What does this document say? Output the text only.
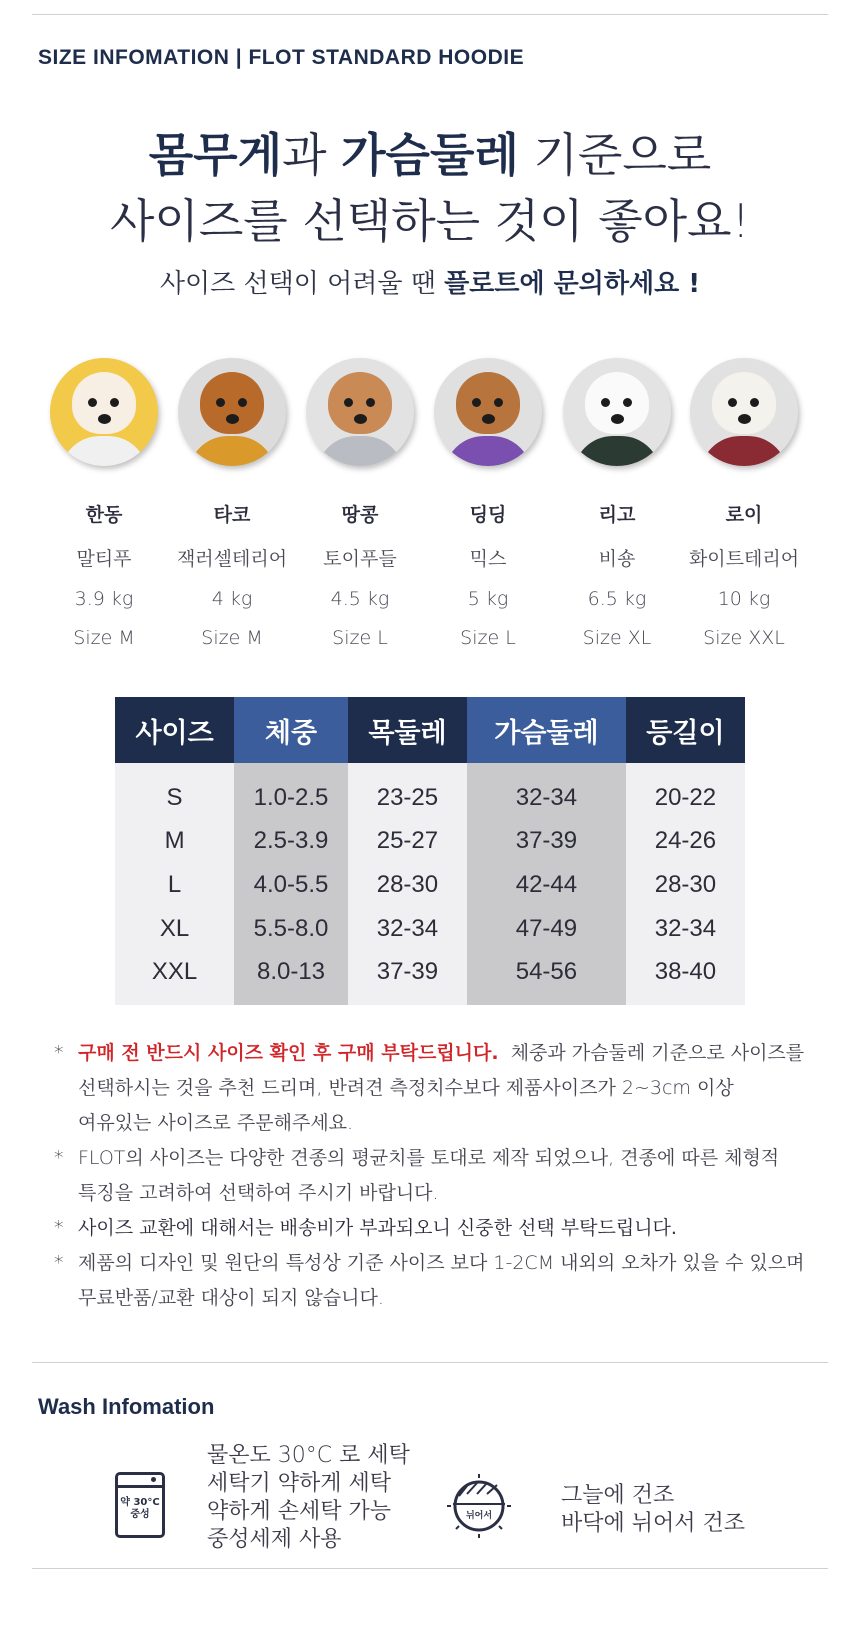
SIZE INFOMATION | FLOT STANDARD HOODIE
몸무게과 가슴둘레 기준으로
사이즈를 선택하는 것이 좋아요!
사이즈 선택이 어려울 땐 플로트에 문의하세요 !
한동
말티푸
3.9 kg
Size M
타코
잭러셀테리어
4 kg
Size M
땅콩
토이푸들
4.5 kg
Size L
딩딩
믹스
5 kg
Size L
리고
비숑
6.5 kg
Size XL
로이
화이트테리어
10 kg
Size XXL
사이즈	체중	목둘레	가슴둘레	등길이
S	1.0-2.5	23-25	32-34	20-22
M	2.5-3.9	25-27	37-39	24-26
L	4.0-5.5	28-30	42-44	28-30
XL	5.5-8.0	32-34	47-49	32-34
XXL	8.0-13	37-39	54-56	38-40
* 구매 전 반드시 사이즈 확인 후 구매 부탁드립니다. 체중과 가슴둘레 기준으로 사이즈를
선택하시는 것을 추천 드리며, 반려견 측정치수보다 제품사이즈가 2~3cm 이상
여유있는 사이즈로 주문해주세요.
* FLOT의 사이즈는 다양한 견종의 평균치를 토대로 제작 되었으나, 견종에 따른 체형적
특징을 고려하여 선택하여 주시기 바랍니다.
* 사이즈 교환에 대해서는 배송비가 부과되오니 신중한 선택 부탁드립니다.
* 제품의 디자인 및 원단의 특성상 기준 사이즈 보다 1-2CM 내외의 오차가 있을 수 있으며
무료반품/교환 대상이 되지 않습니다.
Wash Infomation
약 30°C
중성
물온도 30°C 로 세탁
세탁기 약하게 세탁
약하게 손세탁 가능
중성세제 사용
뉘어서
그늘에 건조
바닥에 뉘어서 건조
